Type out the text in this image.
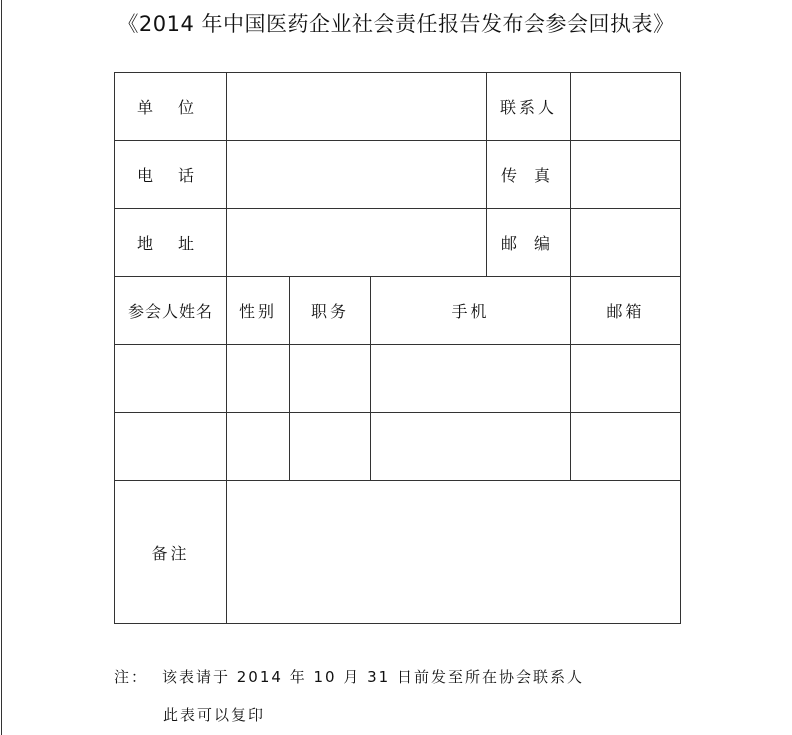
《2014 年中国医药企业社会责任报告发布会参会回执表》
单 位				联系人	
电 话				传 真	
地 址				邮 编	
参会人姓名	性别	职务	手机		邮箱

备注					
注： 该表请于 2014 年 10 月 31 日前发至所在协会联系人
此表可以复印
